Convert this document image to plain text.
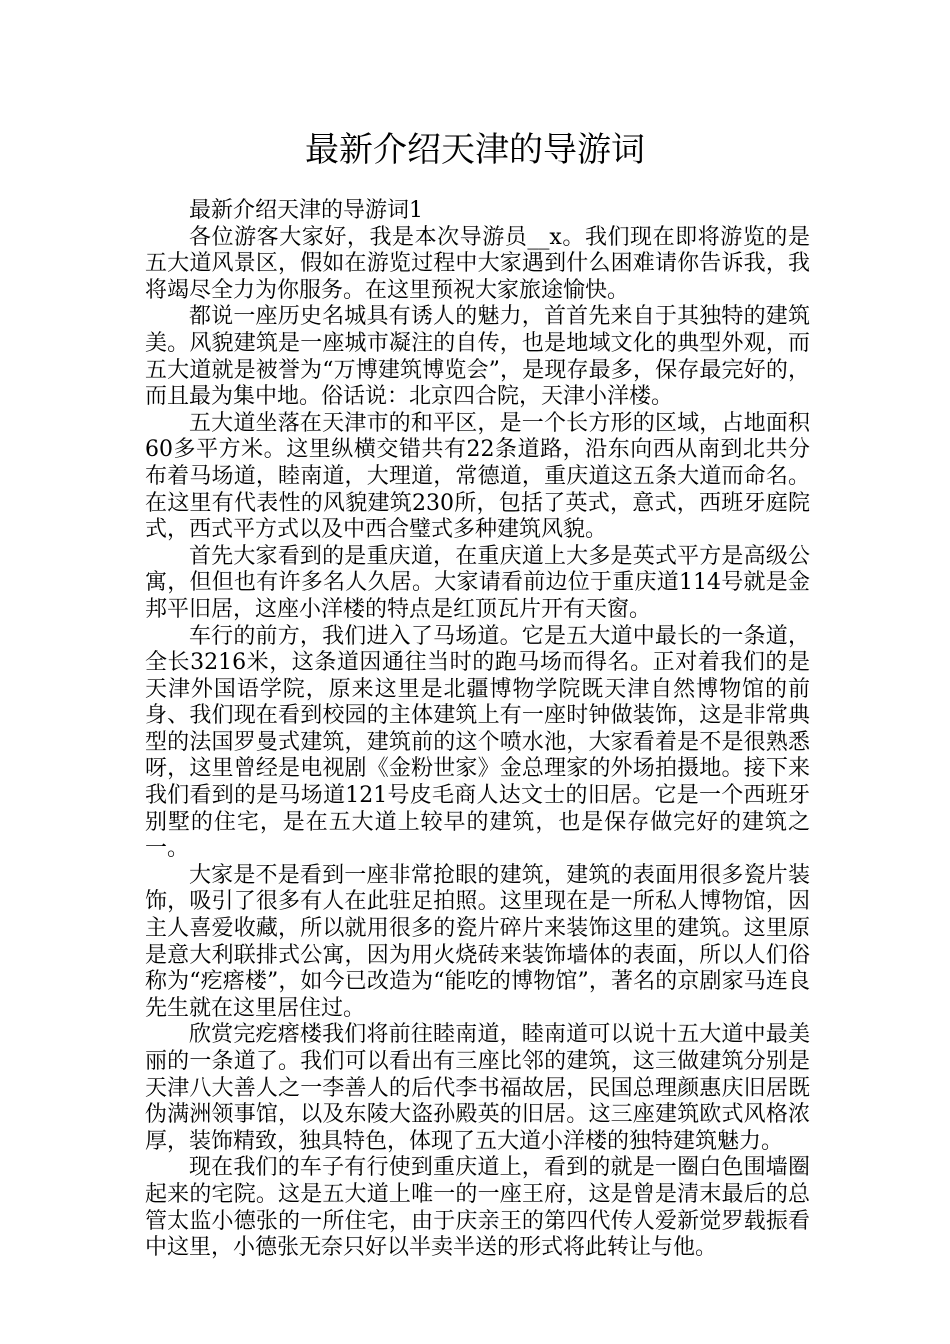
最新介绍天津的导游词

最新介绍天津的导游词1

各位游客大家好，我是本次导游员__x。我们现在即将游览的是五大道风景区，假如在游览过程中大家遇到什么困难请你告诉我，我将竭尽全力为你服务。在这里预祝大家旅途愉快。

都说一座历史名城具有诱人的魅力，首首先来自于其独特的建筑美。风貌建筑是一座城市凝注的自传，也是地域文化的典型外观，而五大道就是被誉为“万博建筑博览会”，是现存最多，保存最完好的，而且最为集中地。俗话说：北京四合院，天津小洋楼。

五大道坐落在天津市的和平区，是一个长方形的区域，占地面积60多平方米。这里纵横交错共有22条道路，沿东向西从南到北共分布着马场道，睦南道，大理道，常德道，重庆道这五条大道而命名。在这里有代表性的风貌建筑230所，包括了英式，意式，西班牙庭院式，西式平方式以及中西合璧式多种建筑风貌。

首先大家看到的是重庆道，在重庆道上大多是英式平方是高级公寓，但但也有许多名人久居。大家请看前边位于重庆道114号就是金邦平旧居，这座小洋楼的特点是红顶瓦片开有天窗。

车行的前方，我们进入了马场道。它是五大道中最长的一条道，全长3216米，这条道因通往当时的跑马场而得名。正对着我们的是天津外国语学院，原来这里是北疆博物学院既天津自然博物馆的前身、我们现在看到校园的主体建筑上有一座时钟做装饰，这是非常典型的法国罗曼式建筑，建筑前的这个喷水池，大家看着是不是很熟悉呀，这里曾经是电视剧《金粉世家》金总理家的外场拍摄地。接下来我们看到的是马场道121号皮毛商人达文士的旧居。它是一个西班牙别墅的住宅，是在五大道上较早的建筑，也是保存做完好的建筑之一。

大家是不是看到一座非常抢眼的建筑，建筑的表面用很多瓷片装饰，吸引了很多有人在此驻足拍照。这里现在是一所私人博物馆，因主人喜爱收藏，所以就用很多的瓷片碎片来装饰这里的建筑。这里原是意大利联排式公寓，因为用火烧砖来装饰墙体的表面，所以人们俗称为“疙瘩楼”，如今已改造为“能吃的博物馆”，著名的京剧家马连良先生就在这里居住过。

欣赏完疙瘩楼我们将前往睦南道，睦南道可以说十五大道中最美丽的一条道了。我们可以看出有三座比邻的建筑，这三做建筑分别是天津八大善人之一李善人的后代李书福故居，民国总理颜惠庆旧居既伪满洲领事馆，以及东陵大盗孙殿英的旧居。这三座建筑欧式风格浓厚，装饰精致，独具特色，体现了五大道小洋楼的独特建筑魅力。

现在我们的车子有行使到重庆道上，看到的就是一圈白色围墙圈起来的宅院。这是五大道上唯一的一座王府，这是曾是清末最后的总管太监小德张的一所住宅，由于庆亲王的第四代传人爱新觉罗载振看中这里，小德张无奈只好以半卖半送的形式将此转让与他。
